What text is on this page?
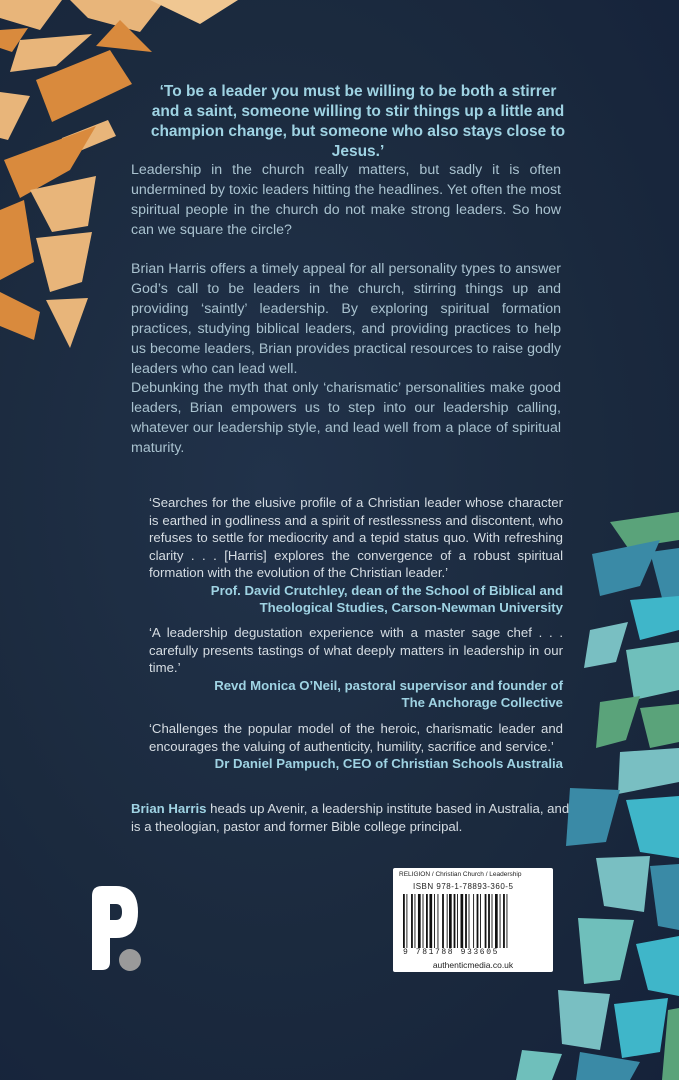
‘To be a leader you must be willing to be both a stirrer and a saint, someone willing to stir things up a little and champion change, but someone who also stays close to Jesus.’

Leadership in the church really matters, but sadly it is often undermined by toxic leaders hitting the headlines. Yet often the most spiritual people in the church do not make strong leaders. So how can we square the circle?

Brian Harris offers a timely appeal for all personality types to answer God’s call to be leaders in the church, stirring things up and providing ‘saintly’ leadership. By exploring spiritual formation practices, studying biblical leaders, and providing practices to help us become leaders, Brian provides practical resources to raise godly leaders who can lead well.

Debunking the myth that only ‘charismatic’ personalities make good leaders, Brian empowers us to step into our leadership calling, whatever our leadership style, and lead well from a place of spiritual maturity.

‘Searches for the elusive profile of a Christian leader whose character is earthed in godliness and a spirit of restlessness and discontent, who refuses to settle for mediocrity and a tepid status quo. With refreshing clarity . . . [Harris] explores the convergence of a robust spiritual formation with the evolution of the Christian leader.’
Prof. David Crutchley, dean of the School of Biblical and
Theological Studies, Carson-Newman University
‘A leadership degustation experience with a master sage chef . . . carefully presents tastings of what deeply matters in leadership in our time.’
Revd Monica O’Neil, pastoral supervisor and founder of
The Anchorage Collective
‘Challenges the popular model of the heroic, charismatic leader and encourages the valuing of authenticity, humility, sacrifice and service.’
Dr Daniel Pampuch, CEO of Christian Schools Australia
Brian Harris heads up Avenir, a leadership institute based in Australia, and is a theologian, pastor and former Bible college principal.
RELIGION / Christian Church / Leadership
ISBN 978-1-78893-360-5
9 781788 933605
authenticmedia.co.uk
